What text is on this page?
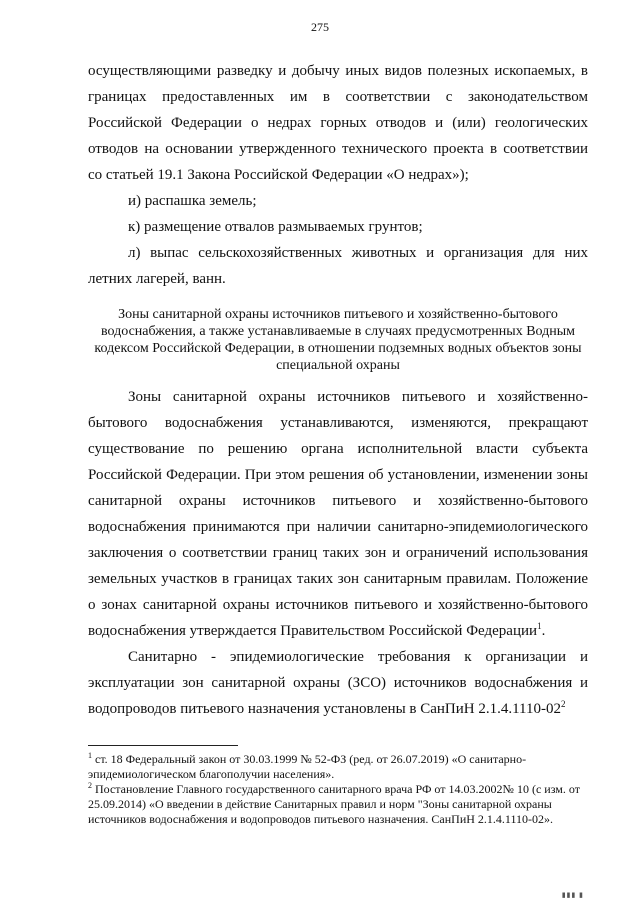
275

осуществляющими разведку и добычу иных видов полезных ископаемых, в границах предоставленных им в соответствии с законодательством Российской Федерации о недрах горных отводов и (или) геологических отводов на основании утвержденного технического проекта в соответствии со статьей 19.1 Закона Российской Федерации «О недрах»);

и) распашка земель;

к) размещение отвалов размываемых грунтов;

л) выпас сельскохозяйственных животных и организация для них летних лагерей, ванн.

Зоны санитарной охраны источников питьевого и хозяйственно-бытового водоснабжения, а также устанавливаемые в случаях предусмотренных Водным кодексом Российской Федерации, в отношении подземных водных объектов зоны специальной охраны

Зоны санитарной охраны источников питьевого и хозяйственно-бытового водоснабжения устанавливаются, изменяются, прекращают существование по решению органа исполнительной власти субъекта Российской Федерации. При этом решения об установлении, изменении зоны санитарной охраны источников питьевого и хозяйственно-бытового водоснабжения принимаются при наличии санитарно-эпидемиологического заключения о соответствии границ таких зон и ограничений использования земельных участков в границах таких зон санитарным правилам. Положение о зонах санитарной охраны источников питьевого и хозяйственно-бытового водоснабжения утверждается Правительством Российской Федерации$^1$.

Санитарно - эпидемиологические требования к организации и эксплуатации зон санитарной охраны (ЗСО) источников водоснабжения и водопроводов питьевого назначения установлены в СанПиН $2.1.4.1110-02^2$

$^1$ ст. 18 Федеральный закон от 30.03.1999 № 52-ФЗ (ред. от 26.07.2019) «О санитарно-эпидемиологическом благополучии населения».

$^2$ Постановление Главного государственного санитарного врача РФ от 14.03.2002№ 10 (с изм. от 25.09.2014) «О введении в действие Санитарных правил и норм "Зоны санитарной охраны источников водоснабжения и водопроводов питьевого назначения. СанПиН 2.1.4.1110-02».

▮▮▮ ▮
